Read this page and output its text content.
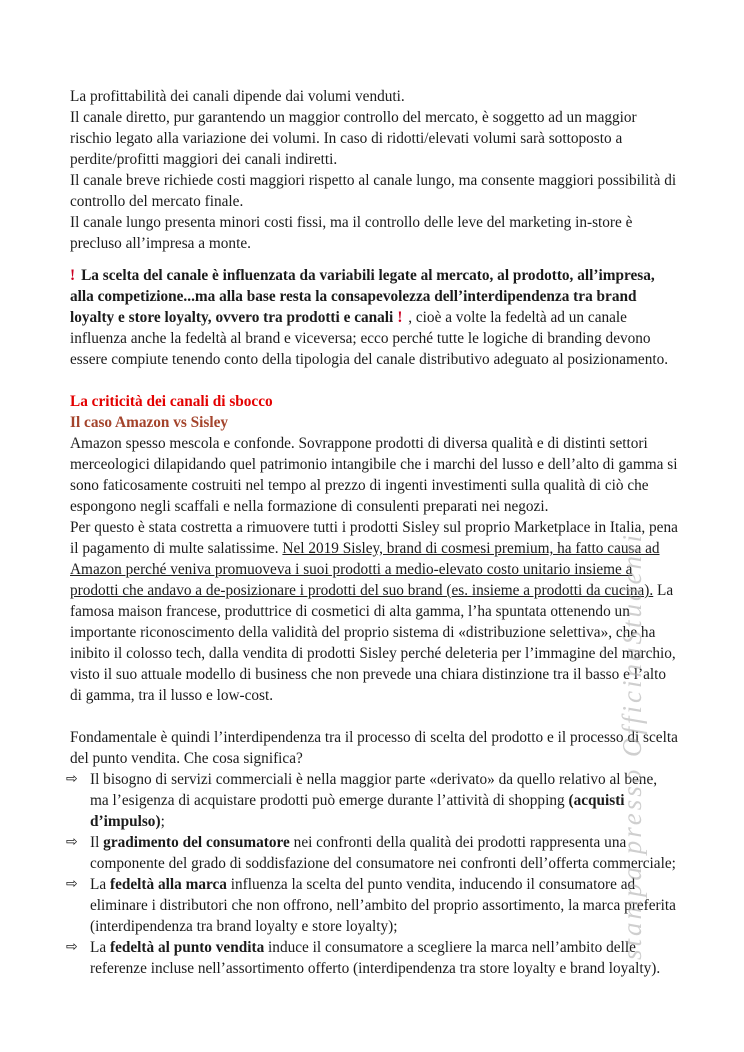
stampa presso OfficinaStudenti

La profittabilità dei canali dipende dai volumi venduti.

Il canale diretto, pur garantendo un maggior controllo del mercato, è soggetto ad un maggior rischio legato alla variazione dei volumi. In caso di ridotti/elevati volumi sarà sottoposto a perdite/profitti maggiori dei canali indiretti.

Il canale breve richiede costi maggiori rispetto al canale lungo, ma consente maggiori possibilità di controllo del mercato finale.

Il canale lungo presenta minori costi fissi, ma il controllo delle leve del marketing in-store è precluso all’impresa a monte.

! La scelta del canale è influenzata da variabili legate al mercato, al prodotto, all’impresa, alla competizione...ma alla base resta la consapevolezza dell’interdipendenza tra brand loyalty e store loyalty, ovvero tra prodotti e canali ! , cioè a volte la fedeltà ad un canale influenza anche la fedeltà al brand e viceversa; ecco perché tutte le logiche di branding devono essere compiute tenendo conto della tipologia del canale distributivo adeguato al posizionamento.

La criticità dei canali di sbocco

Il caso Amazon vs Sisley

Amazon spesso mescola e confonde. Sovrappone prodotti di diversa qualità e di distinti settori merceologici dilapidando quel patrimonio intangibile che i marchi del lusso e dell’alto di gamma si sono faticosamente costruiti nel tempo al prezzo di ingenti investimenti sulla qualità di ciò che espongono negli scaffali e nella formazione di consulenti preparati nei negozi.

Per questo è stata costretta a rimuovere tutti i prodotti Sisley sul proprio Marketplace in Italia, pena il pagamento di multe salatissime. Nel 2019 Sisley, brand di cosmesi premium, ha fatto causa ad Amazon perché veniva promuoveva i suoi prodotti a medio-elevato costo unitario insieme a prodotti che andavo a de-posizionare i prodotti del suo brand (es. insieme a prodotti da cucina). La famosa maison francese, produttrice di cosmetici di alta gamma, l’ha spuntata ottenendo un importante riconoscimento della validità del proprio sistema di «distribuzione selettiva», che ha inibito il colosso tech, dalla vendita di prodotti Sisley perché deleteria per l’immagine del marchio, visto il suo attuale modello di business che non prevede una chiara distinzione tra il basso e l’alto di gamma, tra il lusso e low-cost.

Fondamentale è quindi l’interdipendenza tra il processo di scelta del prodotto e il processo di scelta del punto vendita. Che cosa significa?

⇨ Il bisogno di servizi commerciali è nella maggior parte «derivato» da quello relativo al bene, ma l’esigenza di acquistare prodotti può emerge durante l’attività di shopping (acquisti d’impulso);
⇨ Il gradimento del consumatore nei confronti della qualità dei prodotti rappresenta una componente del grado di soddisfazione del consumatore nei confronti dell’offerta commerciale;
⇨ La fedeltà alla marca influenza la scelta del punto vendita, inducendo il consumatore ad eliminare i distributori che non offrono, nell’ambito del proprio assortimento, la marca preferita (interdipendenza tra brand loyalty e store loyalty);
⇨ La fedeltà al punto vendita induce il consumatore a scegliere la marca nell’ambito delle referenze incluse nell’assortimento offerto (interdipendenza tra store loyalty e brand loyalty).
